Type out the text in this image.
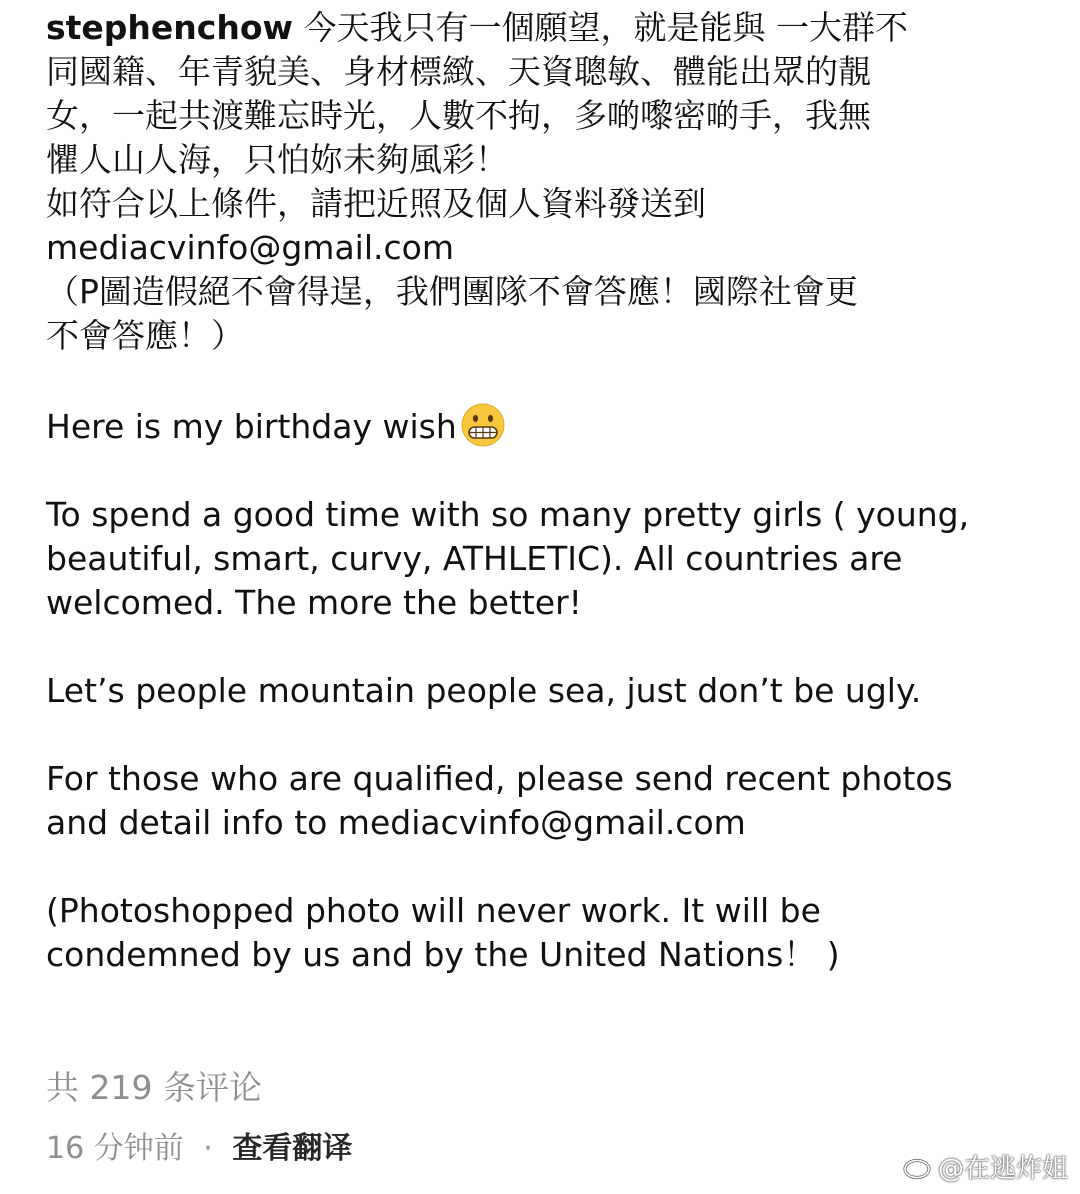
stephenchow 今天我只有一個願望，就是能與 一大群不
同國籍、年青貌美、身材標緻、天資聰敏、體能出眾的靚
女，一起共渡難忘時光，人數不拘，多啲嚟密啲手，我無
懼人山人海，只怕妳未夠風彩！
如符合以上條件，請把近照及個人資料發送到
mediacvinfo@gmail.com
（P圖造假絕不會得逞，我們團隊不會答應！國際社會更
不會答應！）
Here is my birthday wish
To spend a good time with so many pretty girls ( young,
beautiful, smart, curvy, ATHLETIC). All countries are
welcomed. The more the better!
Let’s people mountain people sea, just don’t be ugly.
For those who are qualified, please send recent photos
and detail info to mediacvinfo@gmail.com
(Photoshopped photo will never work. It will be
condemned by us and by the United Nations！ )
共 219 条评论
16 分钟前 · 查看翻译
@在逃炸姐
